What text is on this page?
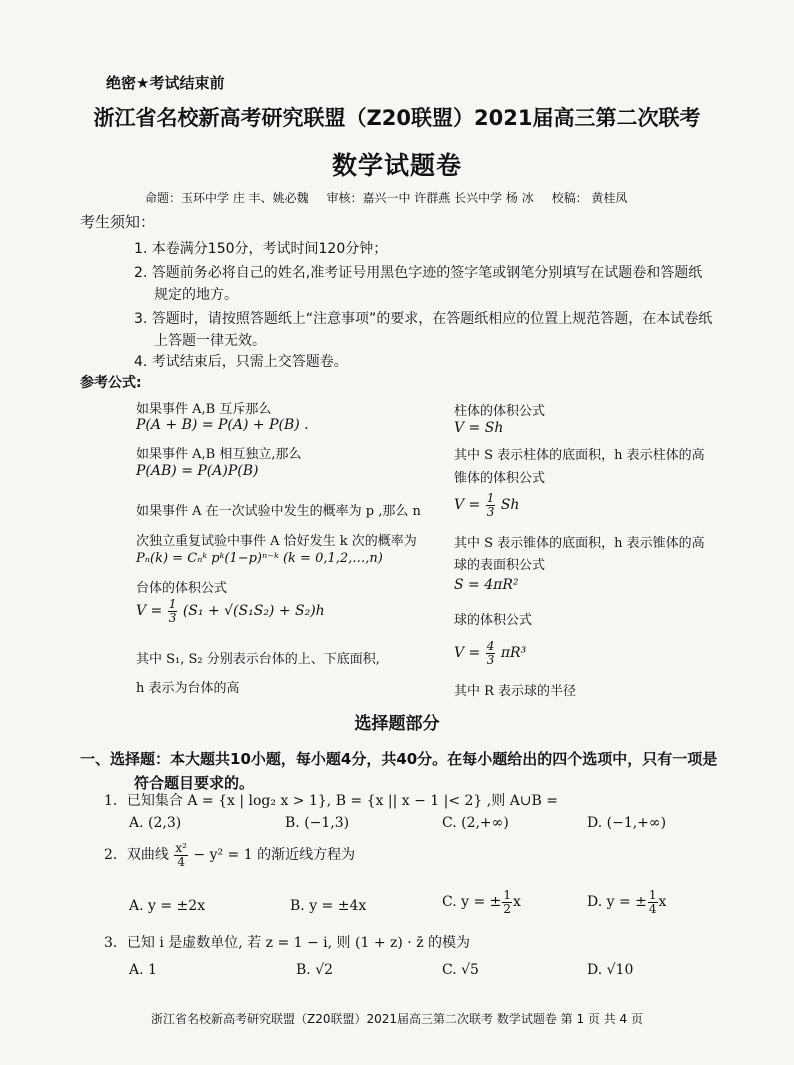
绝密★考试结束前
浙江省名校新高考研究联盟（Z20联盟）2021届高三第二次联考
数学试题卷
命题：玉环中学 庄 丰、姚必魏 审核：嘉兴一中 许群燕 长兴中学 杨 冰 校稿： 黄桂凤
考生须知：
1. 本卷满分150分，考试时间120分钟；
2. 答题前务必将自己的姓名,准考证号用黑色字迹的签字笔或钢笔分别填写在试题卷和答题纸
规定的地方。
3. 答题时，请按照答题纸上“注意事项”的要求，在答题纸相应的位置上规范答题，在本试卷纸
上答题一律无效。
4. 考试结束后，只需上交答题卷。
参考公式:
如果事件 A,B 互斥那么
P(A + B) = P(A) + P(B) .
如果事件 A,B 相互独立,那么
P(AB) = P(A)P(B)
如果事件 A 在一次试验中发生的概率为 p ,那么 n
次独立重复试验中事件 A 恰好发生 k 次的概率为
Pₙ(k) = Cₙᵏ pᵏ(1−p)ⁿ⁻ᵏ (k = 0,1,2,…,n)
台体的体积公式
$V = \frac{1}{3} (S_1 + √(S_1S_2) + S_2)h$
其中 S₁, S₂ 分别表示台体的上、下底面积,
h 表示为台体的高
柱体的体积公式
V = Sh
其中 S 表示柱体的底面积，h 表示柱体的高
锥体的体积公式
$V = \frac{1}{3}$ Sh
其中 S 表示锥体的底面积，h 表示锥体的高
球的表面积公式
S = 4πR²
球的体积公式
$V = \frac{4}{3} \pi R^3$
其中 R 表示球的半径
选择题部分
一、选择题：本大题共10小题，每小题4分，共40分。在每小题给出的四个选项中，只有一项是
符合题目要求的。
1．已知集合 A = {x | log₂ x > 1}, B = {x || x − 1 |< 2} ,则 A∪B =
A. (2,3)	B. (−1,3)	C. (2,+∞)	D. (−1,+∞)
2．双曲线 $\frac{\text{x²}}{4} - y^2 = 1$ 的渐近线方程为
A. y = ±2x	B. y = ±4x	C. y = ± $\frac{1}{2}$ x	D. y = ± $\frac{1}{4}$ x
3．已知 i 是虚数单位, 若 z = 1 − i, 则 (1 + z) · z̄ 的模为
A. 1	B. √2	C. √5	D. √10
浙江省名校新高考研究联盟（Z20联盟）2021届高三第二次联考 数学试题卷 第 1 页 共 4 页
